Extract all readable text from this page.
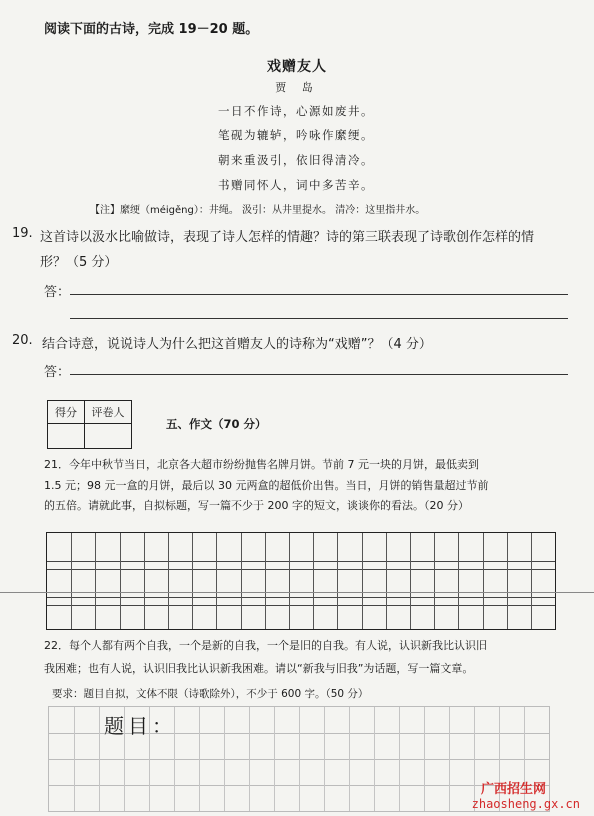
阅读下面的古诗，完成 19－20 题。
戏赠友人
贾 岛
一日不作诗，心源如废井。
笔砚为辘轳，吟咏作縻绠。
朝来重汲引，依旧得清冷。
书赠同怀人，词中多苦辛。
【注】縻绠（méigěng）：井绳。 汲引：从井里提水。 清冷：这里指井水。
19. 这首诗以汲水比喻做诗，表现了诗人怎样的情趣？诗的第三联表现了诗歌创作怎样的情
形？（5 分）
答：
20. 结合诗意，说说诗人为什么把这首赠友人的诗称为“戏赠”？（4 分）
答：
得分	评卷人

五、作文（70 分）
21．今年中秋节当日，北京各大超市纷纷抛售名牌月饼。节前 7 元一块的月饼，最低卖到
1.5 元；98 元一盒的月饼，最后以 30 元两盒的超低价出售。当日，月饼的销售量超过节前
的五倍。请就此事，自拟标题，写一篇不少于 200 字的短文，谈谈你的看法。（20 分）
22．每个人都有两个自我，一个是新的自我，一个是旧的自我。有人说，认识新我比认识旧
我困难；也有人说，认识旧我比认识新我困难。请以“新我与旧我”为话题，写一篇文章。
要求：题目自拟，文体不限（诗歌除外），不少于 600 字。（50 分）
题目：
广西招生网
zhaosheng.gx.cn
